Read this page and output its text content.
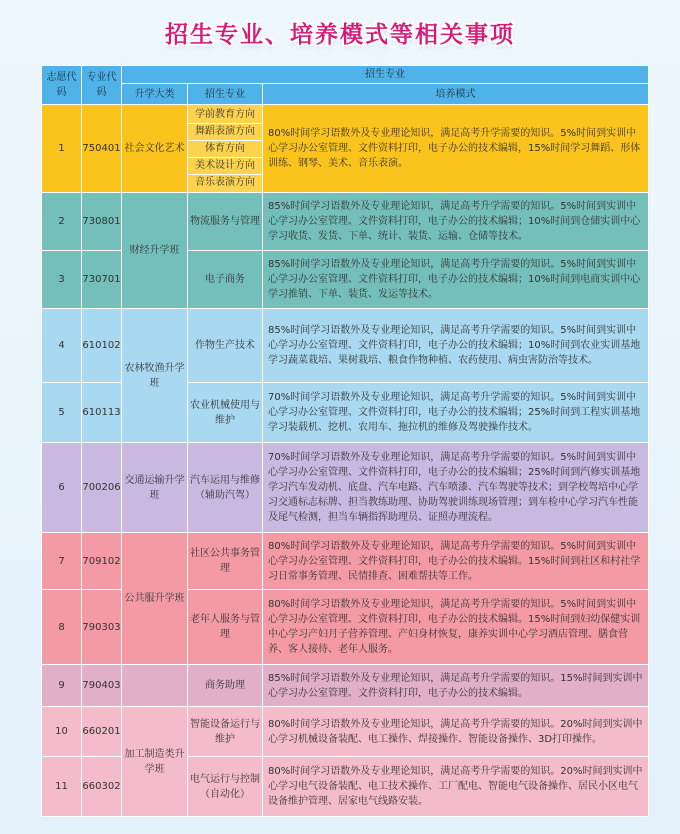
招生专业、培养模式等相关事项
志愿代码	专业代码	招生专业		
		升学大类	招生专业	培养模式
1	750401	社会文化艺术	学前教育方向
舞蹈表演方向
体育方向
美术设计方向
音乐表演方向	80%时间学习语数外及专业理论知识，满足高考升学需要的知识。5%时间到实训中心学习办公室管理、文件资料打印，电子办公的技术编辑，15%时间学习舞蹈、形体训练、钢琴、美术、音乐表演。
2	730801	财经升学班	物流服务与管理	85%时间学习语数外及专业理论知识，满足高考升学需要的知识。5%时间到实训中心学习办公室管理、文件资料打印，电子办公的技术编辑；10%时间到仓储实训中心学习收货、发货、下单、统计、装货、运输、仓储等技术。
3	730701		电子商务	85%时间学习语数外及专业理论知识，满足高考升学需要的知识。5%时间到实训中心学习办公室管理、文件资料打印，电子办公的技术编辑；10%时间到电商实训中心学习推销、下单、装货、发运等技术。
4	610102	农林牧渔升学班	作物生产技术	85%时间学习语数外及专业理论知识，满足高考升学需要的知识。5%时间到实训中心学习办公室管理、文件资料打印，电子办公的技术编辑；10%时间到农业实训基地学习蔬菜栽培、果树栽培、粮食作物种植、农药使用、病虫害防治等技术。
5	610113		农业机械使用与维护	70%时间学习语数外及专业理论知识，满足高考升学需要的知识。5%时间到实训中心学习办公室管理、文件资料打印，电子办公的技术编辑；25%时间到工程实训基地学习装载机、挖机、农用车、拖拉机的维修及驾驶操作技术。
6	700206	交通运输升学班	汽车运用与维修（辅助汽驾）	70%时间学习语数外及专业理论知识，满足高考升学需要的知识。5%时间到实训中心学习办公室管理、文件资料打印，电子办公的技术编辑；25%时间到汽修实训基地学习汽车发动机、底盘、汽车电路、汽车喷漆、汽车驾驶等技术；到学校驾培中心学习交通标志标牌、担当教练助理、协助驾驶训练现场管理；到车检中心学习汽车性能及尾气检测，担当车辆指挥助理员、证照办理流程。
7	709102	公共服升学班	社区公共事务管理	80%时间学习语数外及专业理论知识，满足高考升学需要的知识。5%时间到实训中心学习办公室管理、文件资料打印，电子办公的技术编辑。15%时间到社区和村社学习日常事务管理、民情排查、困难帮扶等工作。
8	790303		老年人服务与管理	80%时间学习语数外及专业理论知识，满足高考升学需要的知识。5%时间到实训中心学习办公室管理、文件资料打印，电子办公的技术编辑。15%时间到妇幼保健实训中心学习产妇月子营养管理、产妇身材恢复，康养实训中心学习酒店管理、膳食营养、客人接待、老年人服务。
9	790403		商务助理	85%时间学习语数外及专业理论知识，满足高考升学需要的知识。15%时间到实训中心学习办公室管理、文件资料打印，电子办公的技术编辑。
10	660201	加工制造类升学班	智能设备运行与维护	80%时间学习语数外及专业理论知识，满足高考升学需要的知识。20%时间到实训中心学习机械设备装配、电工操作、焊接操作、智能设备操作、3D打印操作。
11	660302		电气运行与控制（自动化）	80%时间学习语数外及专业理论知识，满足高考升学需要的知识。20%时间到实训中心学习电气设备装配、电工技术操作、工厂配电、智能电气设备操作、居民小区电气设备维护管理、居家电气线路安装。
